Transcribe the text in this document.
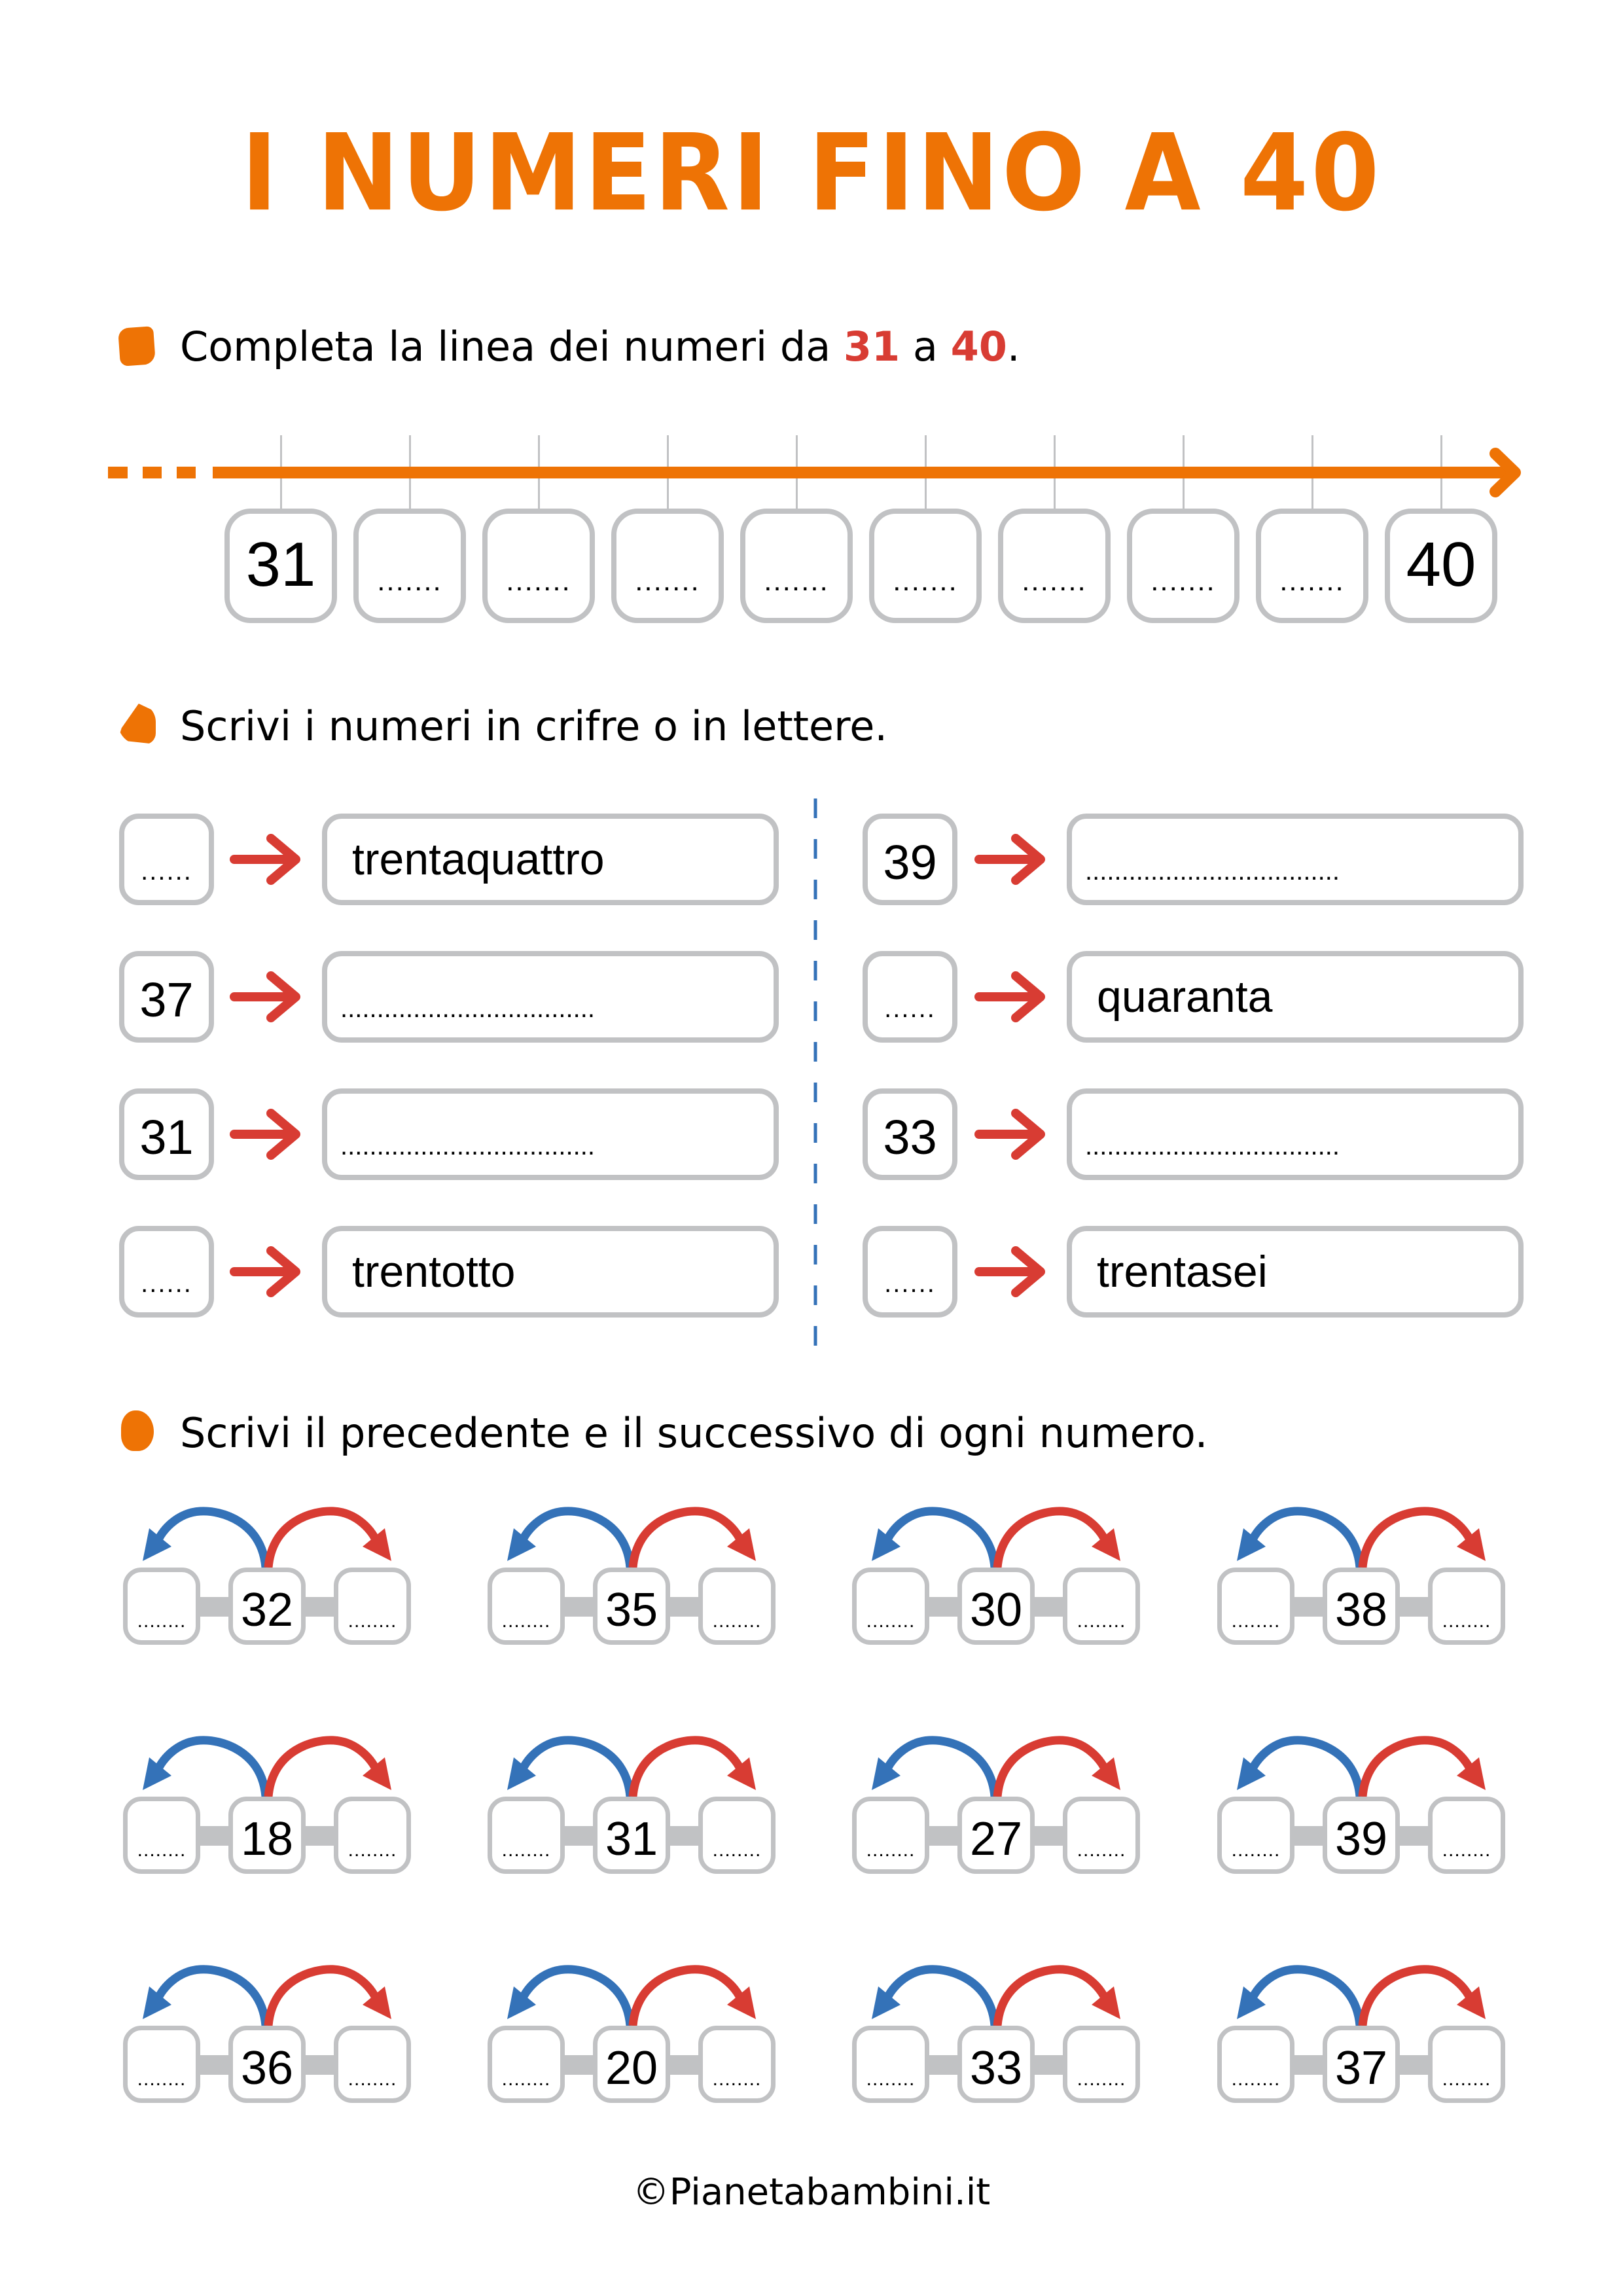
I NUMERI FINO A 40
Completa la linea dei numeri da 31 a 40.
31	.......	.......	.......	.......	.......	.......	.......	....... 40
Scrivi i numeri in crifre o in lettere.
......	trentaquattro
37	...................................
31	...................................
......	trentotto
39	...................................
......	quaranta
33	...................................
......	trentasei
Scrivi il precedente e il successivo di ogni numero.
........ 32	........	........ 35	........	........ 30	........	........ 38	........
........ 18	........	........ 31	........	........ 27	........	........ 39	........
........ 36	........	........ 20	........	........ 33	........	........ 37	........
©Pianetabambini.it
